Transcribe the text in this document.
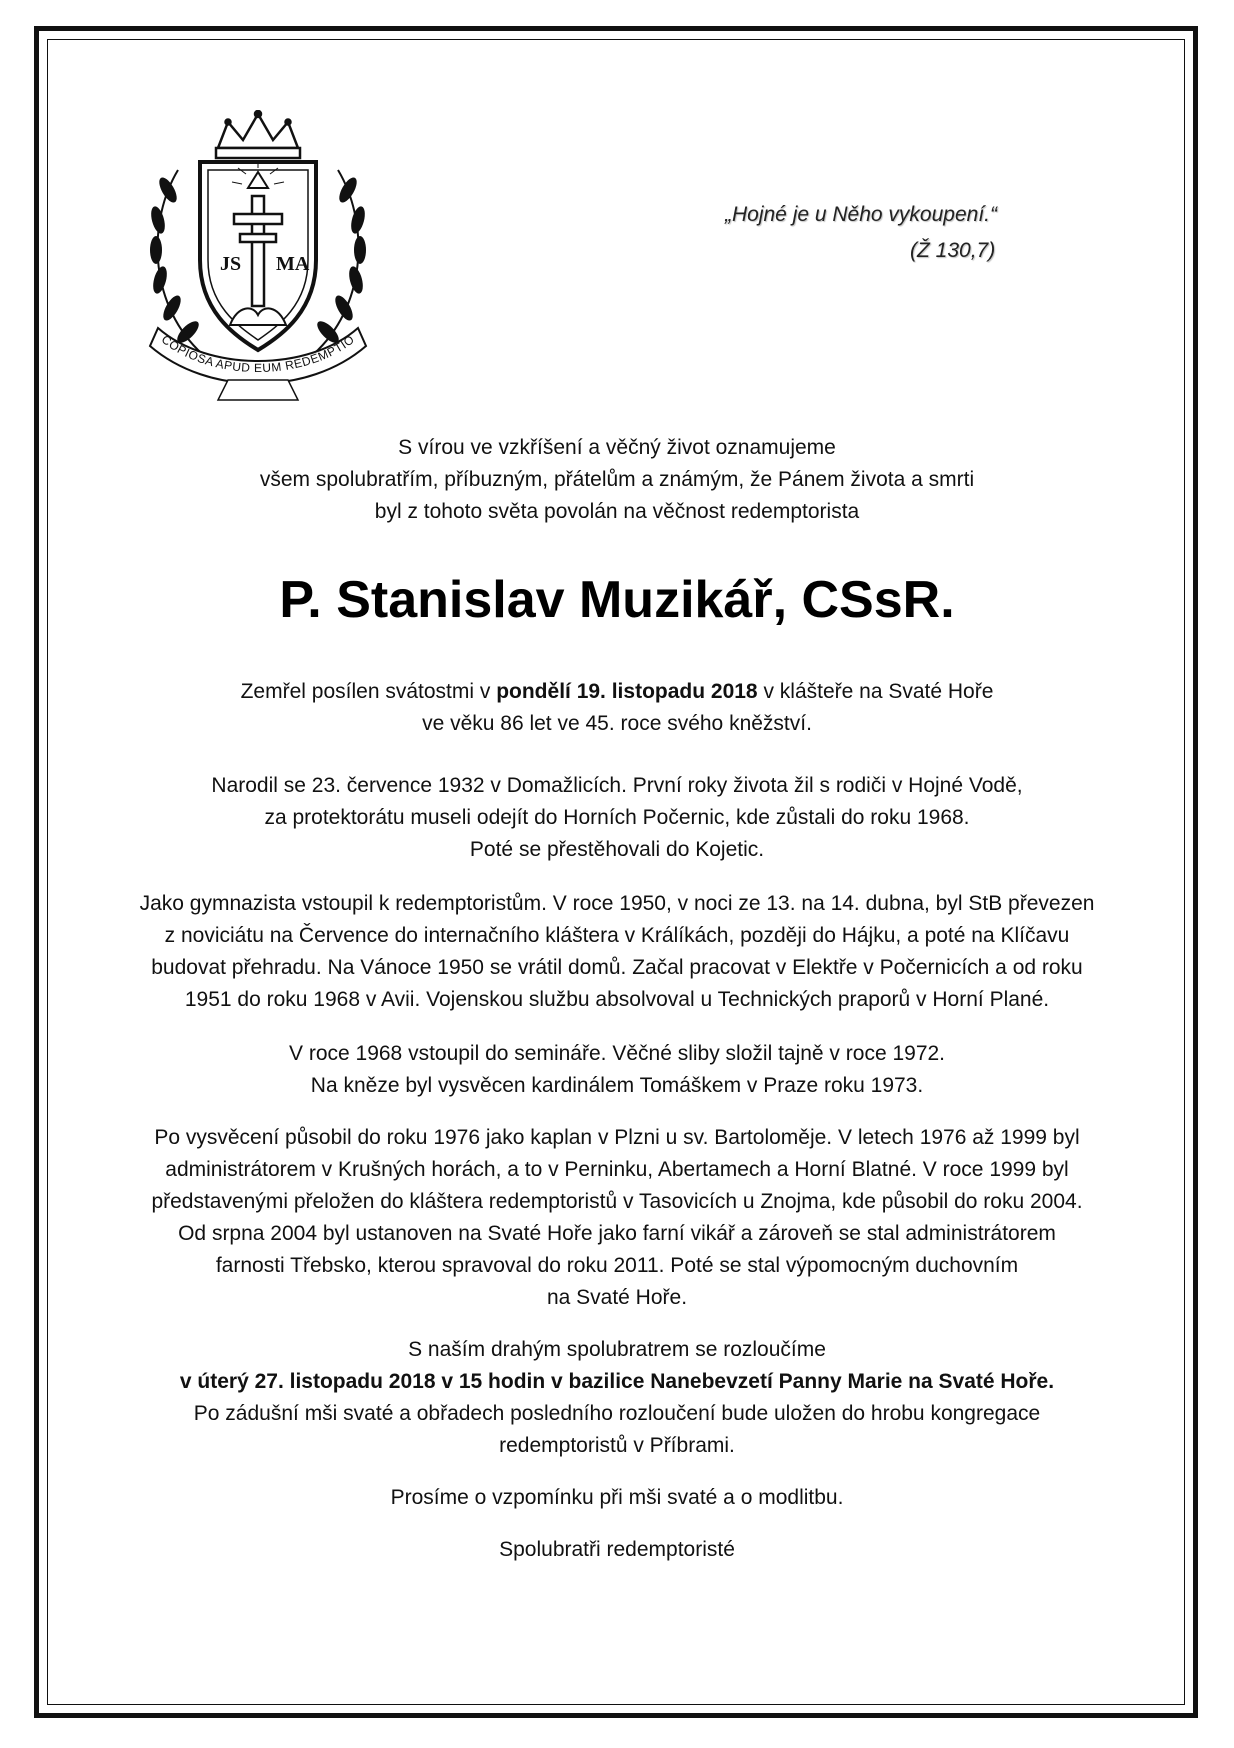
JS MA
COPIOSA APUD EUM REDEMPTIO
„Hojné je u Něho vykoupení.“
(Ž 130,7)

S vírou ve vzkříšení a věčný život oznamujeme
všem spolubratřím, příbuzným, přátelům a známým, že Pánem života a smrti
byl z tohoto světa povolán na věčnost redemptorista

P. Stanislav Muzikář, CSsR.

Zemřel posílen svátostmi v pondělí 19. listopadu 2018 v klášteře na Svaté Hoře
ve věku 86 let ve 45. roce svého kněžství.

Narodil se 23. července 1932 v Domažlicích. První roky života žil s rodiči v Hojné Vodě,
za protektorátu museli odejít do Horních Počernic, kde zůstali do roku 1968.
Poté se přestěhovali do Kojetic.

Jako gymnazista vstoupil k redemptoristům. V roce 1950, v noci ze 13. na 14. dubna, byl StB převezen
z noviciátu na Července do internačního kláštera v Králíkách, později do Hájku, a poté na Klíčavu
budovat přehradu. Na Vánoce 1950 se vrátil domů. Začal pracovat v Elektře v Počernicích a od roku
1951 do roku 1968 v Avii. Vojenskou službu absolvoval u Technických praporů v Horní Plané.

V roce 1968 vstoupil do semináře. Věčné sliby složil tajně v roce 1972.
Na kněze byl vysvěcen kardinálem Tomáškem v Praze roku 1973.

Po vysvěcení působil do roku 1976 jako kaplan v Plzni u sv. Bartoloměje. V letech 1976 až 1999 byl
administrátorem v Krušných horách, a to v Perninku, Abertamech a Horní Blatné. V roce 1999 byl
představenými přeložen do kláštera redemptoristů v Tasovicích u Znojma, kde působil do roku 2004.
Od srpna 2004 byl ustanoven na Svaté Hoře jako farní vikář a zároveň se stal administrátorem
farnosti Třebsko, kterou spravoval do roku 2011. Poté se stal výpomocným duchovním
na Svaté Hoře.

S naším drahým spolubratrem se rozloučíme
v úterý 27. listopadu 2018 v 15 hodin v bazilice Nanebevzetí Panny Marie na Svaté Hoře.
Po zádušní mši svaté a obřadech posledního rozloučení bude uložen do hrobu kongregace
redemptoristů v Příbrami.

Prosíme o vzpomínku při mši svaté a o modlitbu.

Spolubratři redemptoristé
